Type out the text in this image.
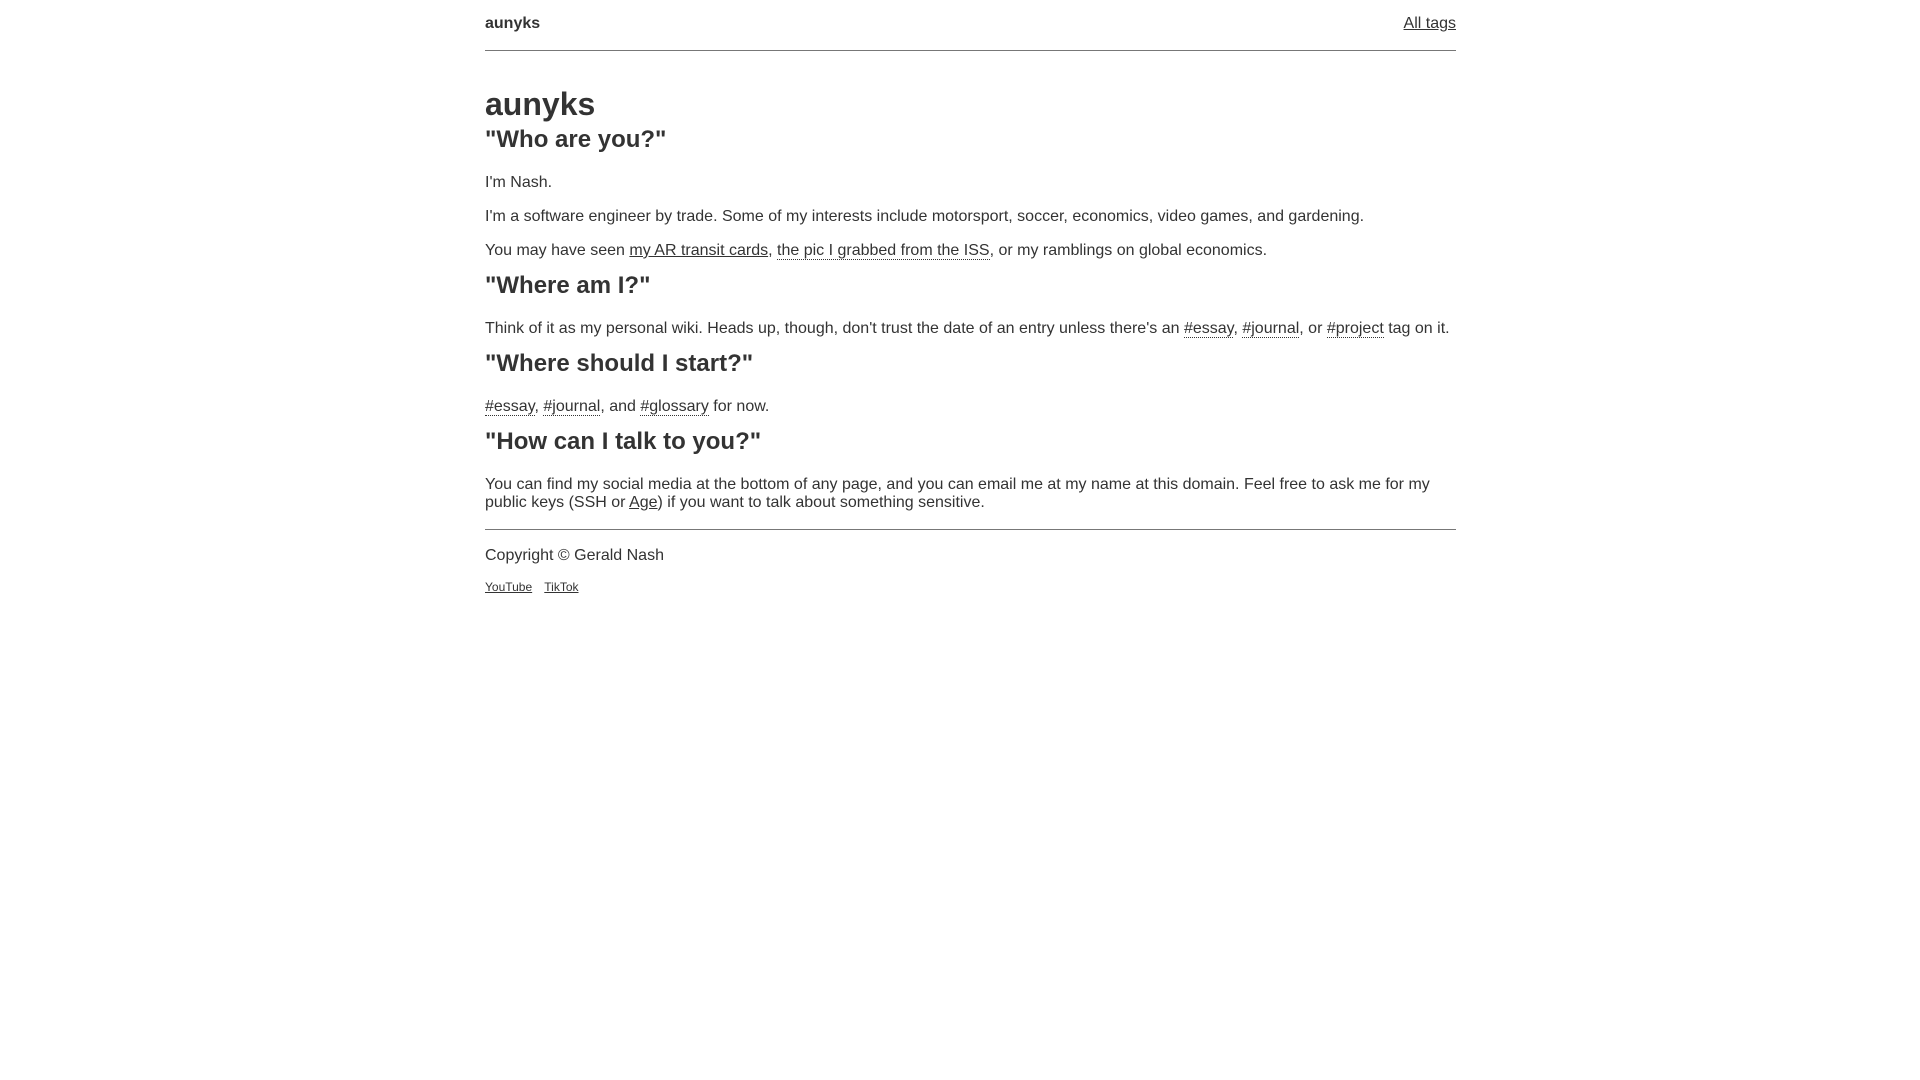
aunyks	All tags
aunyks
"Who are you?"

I'm Nash.

I'm a software engineer by trade. Some of my interests include motorsport, soccer, economics, video games, and gardening.

You may have seen my AR transit cards, the pic I grabbed from the ISS, or my ramblings on global economics.

"Where am I?"

Think of it as my personal wiki. Heads up, though, don't trust the date of an entry unless there's an #essay, #journal, or #project tag on it.

"Where should I start?"

#essay, #journal, and #glossary for now.

"How can I talk to you?"

You can find my social media at the bottom of any page, and you can email me at my name at this domain. Feel free to ask me for my public keys (SSH or Age) if you want to talk about something sensitive.

Copyright © Gerald Nash

YouTube TikTok
